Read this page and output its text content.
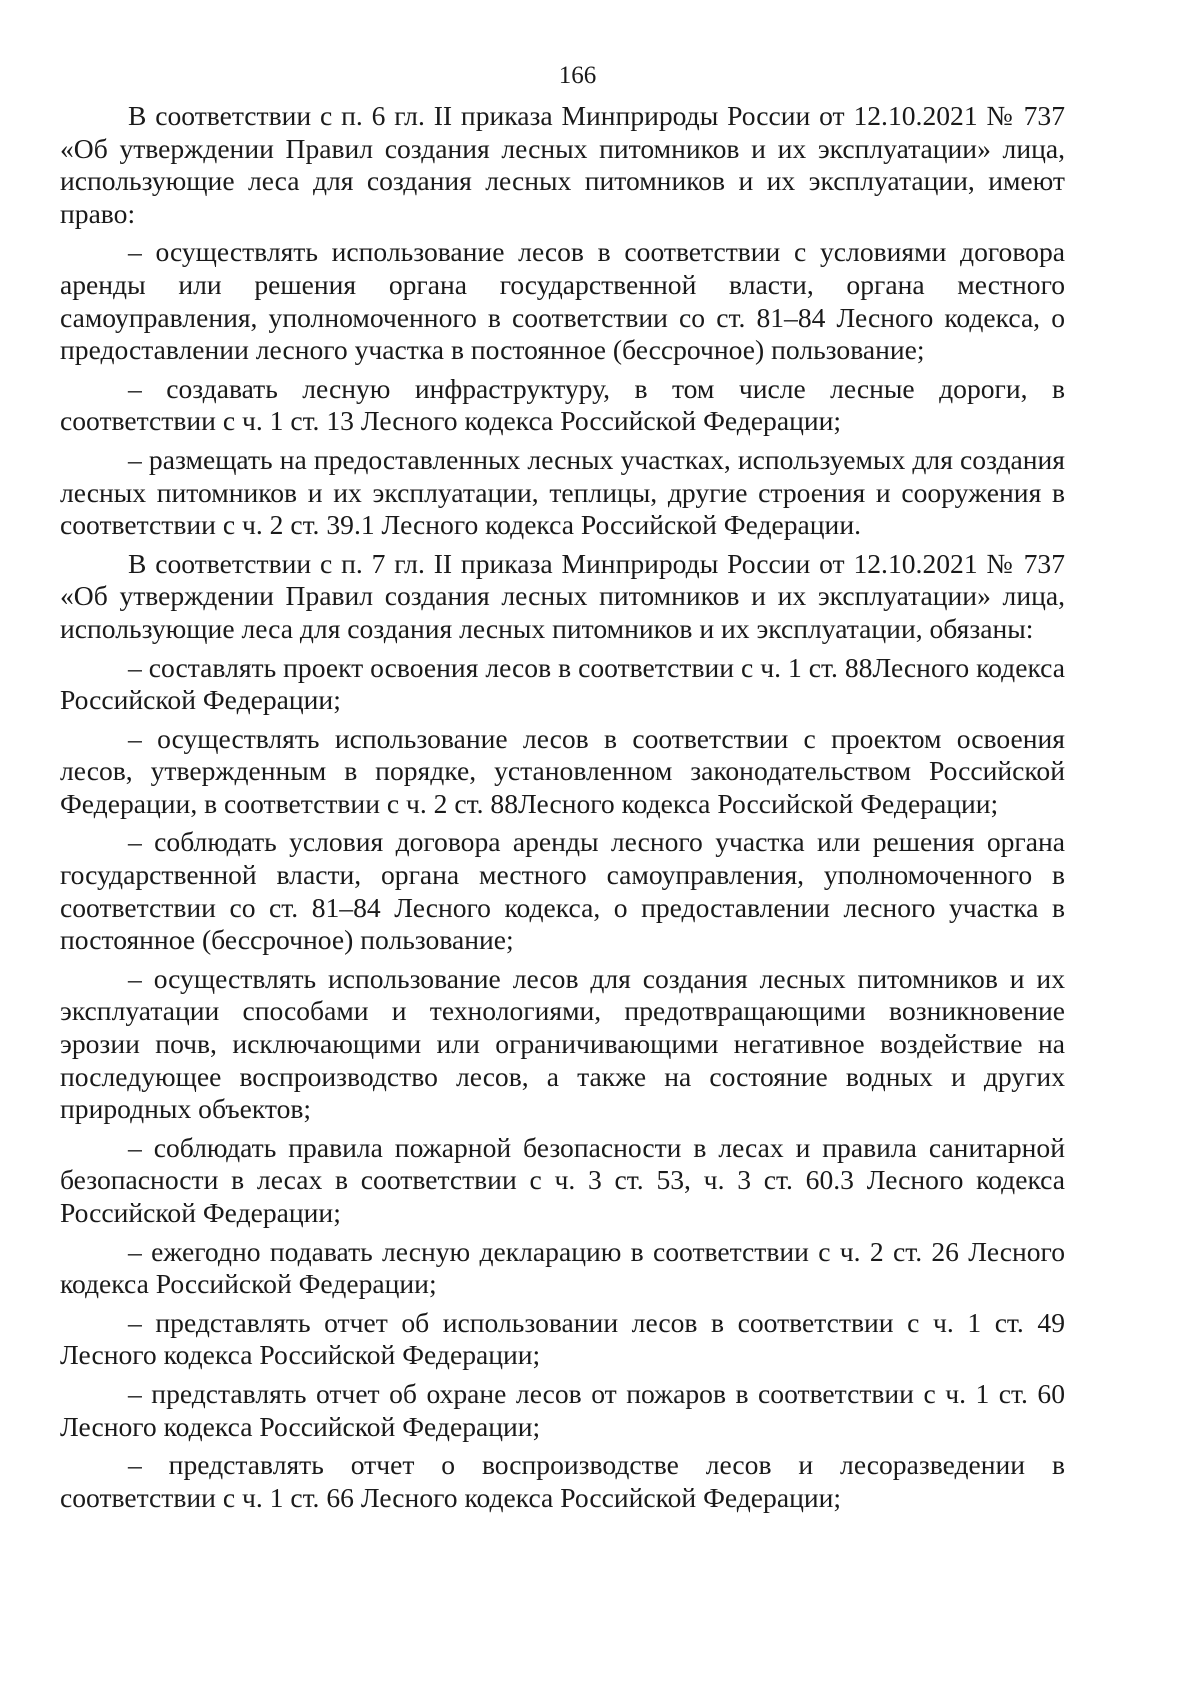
166

В соответствии с п. 6 гл. II приказа Минприроды России от 12.10.2021 № 737 «Об утверждении Правил создания лесных питомников и их эксплуатации» лица, использующие леса для создания лесных питомников и их эксплуатации, имеют право:

– осуществлять использование лесов в соответствии с условиями договора аренды или решения органа государственной власти, органа местного самоуправления, уполномоченного в соответствии со ст. 81–84 Лесного кодекса, о предоставлении лесного участка в постоянное (бессрочное) пользование;

– создавать лесную инфраструктуру, в том числе лесные дороги, в соответствии с ч. 1 ст. 13 Лесного кодекса Российской Федерации;

– размещать на предоставленных лесных участках, используемых для создания лесных питомников и их эксплуатации, теплицы, другие строения и сооружения в соответствии с ч. 2 ст. 39.1 Лесного кодекса Российской Федерации.

В соответствии с п. 7 гл. II приказа Минприроды России от 12.10.2021 № 737 «Об утверждении Правил создания лесных питомников и их эксплуатации» лица, использующие леса для создания лесных питомников и их эксплуатации, обязаны:

– составлять проект освоения лесов в соответствии с ч. 1 ст. 88Лесного кодекса Российской Федерации;

– осуществлять использование лесов в соответствии с проектом освоения лесов, утвержденным в порядке, установленном законодательством Российской Федерации, в соответствии с ч. 2 ст. 88Лесного кодекса Российской Федерации;

– соблюдать условия договора аренды лесного участка или решения органа государственной власти, органа местного самоуправления, уполномоченного в соответствии со ст. 81–84 Лесного кодекса, о предоставлении лесного участка в постоянное (бессрочное) пользование;

– осуществлять использование лесов для создания лесных питомников и их эксплуатации способами и технологиями, предотвращающими возникновение эрозии почв, исключающими или ограничивающими негативное воздействие на последующее воспроизводство лесов, а также на состояние водных и других природных объектов;

– соблюдать правила пожарной безопасности в лесах и правила санитарной безопасности в лесах в соответствии с ч. 3 ст. 53, ч. 3 ст. 60.3 Лесного кодекса Российской Федерации;

– ежегодно подавать лесную декларацию в соответствии с ч. 2 ст. 26 Лесного кодекса Российской Федерации;

– представлять отчет об использовании лесов в соответствии с ч. 1 ст. 49 Лесного кодекса Российской Федерации;

– представлять отчет об охране лесов от пожаров в соответствии с ч. 1 ст. 60 Лесного кодекса Российской Федерации;

– представлять отчет о воспроизводстве лесов и лесоразведении в соответствии с ч. 1 ст. 66 Лесного кодекса Российской Федерации;
